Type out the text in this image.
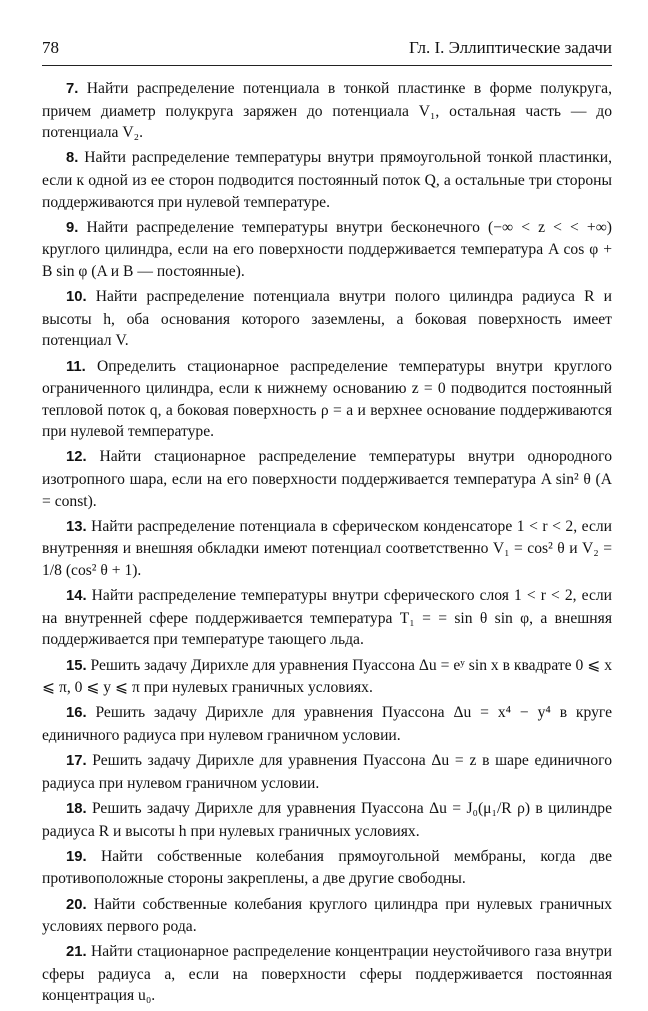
78	Гл. I. Эллиптические задачи

7. Найти распределение потенциала в тонкой пластинке в форме полукруга, причем диаметр полукруга заряжен до потенциала V₁, остальная часть — до потенциала V₂.

8. Найти распределение температуры внутри прямоугольной тонкой пластинки, если к одной из ее сторон подводится постоянный поток Q, а остальные три стороны поддерживаются при нулевой температуре.

9. Найти распределение температуры внутри бесконечного (−∞ < z < < +∞) круглого цилиндра, если на его поверхности поддерживается температура A cos φ + B sin φ (A и B — постоянные).

10. Найти распределение потенциала внутри полого цилиндра радиуса R и высоты h, оба основания которого заземлены, а боковая поверхность имеет потенциал V.

11. Определить стационарное распределение температуры внутри круглого ограниченного цилиндра, если к нижнему основанию z = 0 подводится постоянный тепловой поток q, а боковая поверхность ρ = a и верхнее основание поддерживаются при нулевой температуре.

12. Найти стационарное распределение температуры внутри однородного изотропного шара, если на его поверхности поддерживается температура A sin² θ (A = const).

13. Найти распределение потенциала в сферическом конденсаторе 1 < r < 2, если внутренняя и внешняя обкладки имеют потенциал соответственно V₁ = cos² θ и V₂ = 1/8 (cos² θ + 1).

14. Найти распределение температуры внутри сферического слоя 1 < r < 2, если на внутренней сфере поддерживается температура T₁ = = sin θ sin φ, а внешняя поддерживается при температуре тающего льда.

15. Решить задачу Дирихле для уравнения Пуассона Δu = eʸ sin x в квадрате 0 ⩽ x ⩽ π, 0 ⩽ y ⩽ π при нулевых граничных условиях.

16. Решить задачу Дирихле для уравнения Пуассона Δu = x⁴ − y⁴ в круге единичного радиуса при нулевом граничном условии.

17. Решить задачу Дирихле для уравнения Пуассона Δu = z в шаре единичного радиуса при нулевом граничном условии.

18. Решить задачу Дирихле для уравнения Пуассона Δu = J₀(μ₁/R ρ) в цилиндре радиуса R и высоты h при нулевых граничных условиях.

19. Найти собственные колебания прямоугольной мембраны, когда две противоположные стороны закреплены, а две другие свободны.

20. Найти собственные колебания круглого цилиндра при нулевых граничных условиях первого рода.

21. Найти стационарное распределение концентрации неустойчивого газа внутри сферы радиуса a, если на поверхности сферы поддерживается постоянная концентрация u₀.
